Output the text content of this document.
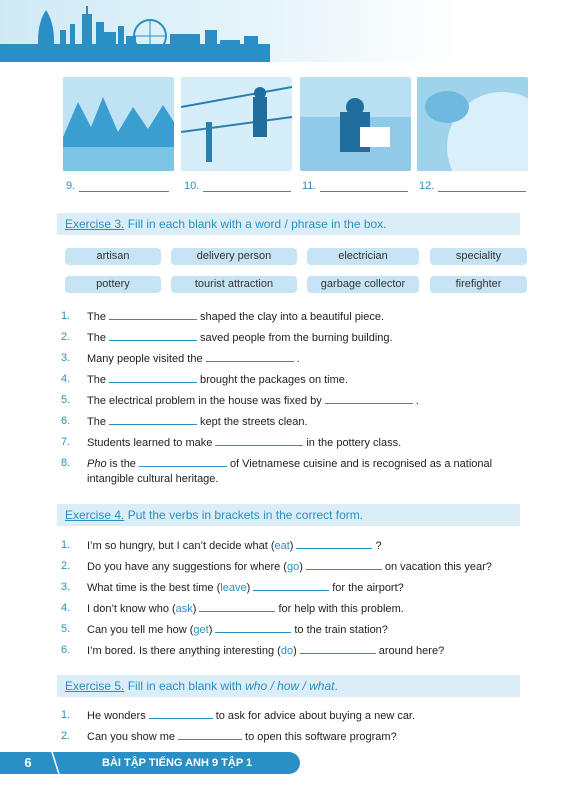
9.	10.	11.	12.
Exercise 3. Fill in each blank with a word / phrase in the box.
artisan	delivery person	electrician	speciality
pottery	tourist attraction	garbage collector	firefighter
1. The	shaped the clay into a beautiful piece.
2. The	saved people from the burning building.
3. Many people visited the	.
4. The	brought the packages on time.
5. The electrical problem in the house was fixed by	.
6. The	kept the streets clean.
7. Students learned to make	in the pottery class.
8. Pho is the	of Vietnamese cuisine and is recognised as a national
intangible cultural heritage.
Exercise 4. Put the verbs in brackets in the correct form.
1. I’m so hungry, but I can’t decide what (eat)	?
2. Do you have any suggestions for where (go)	on vacation this year?
3. What time is the best time (leave)	for the airport?
4. I don’t know who (ask)	for help with this problem.
5. Can you tell me how (get)	to the train station?
6. I’m bored. Is there anything interesting (do)	around here?
Exercise 5. Fill in each blank with who / how / what.
1. He wonders	to ask for advice about buying a new car.
2. Can you show me	to open this software program?
6	BÀI TẬP TIẾNG ANH 9 TẬP 1
